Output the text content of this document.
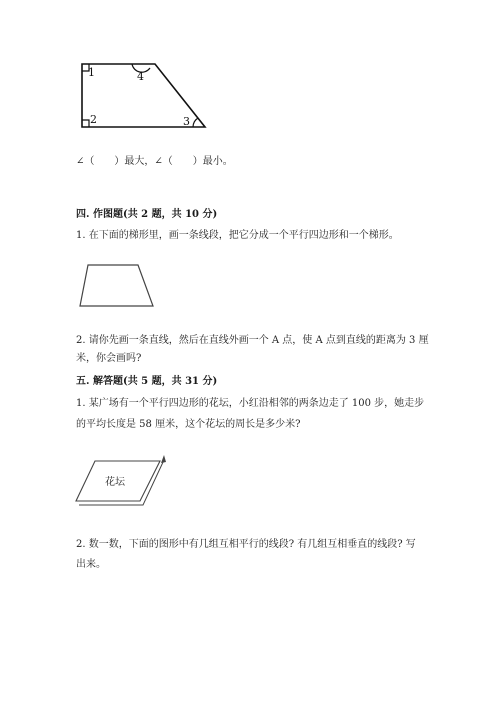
1
2	3
4
∠（　　）最大，∠（　　）最小。
四. 作图题(共 2 题，共 10 分)
1. 在下面的梯形里，画一条线段，把它分成一个平行四边形和一个梯形。
2. 请你先画一条直线，然后在直线外画一个 A 点，使 A 点到直线的距离为 3 厘
米，你会画吗?
五. 解答题(共 5 题，共 31 分)
1. 某广场有一个平行四边形的花坛，小红沿相邻的两条边走了 100 步，她走步
的平均长度是 58 厘米，这个花坛的周长是多少米?
花坛
2. 数一数，下面的图形中有几组互相平行的线段? 有几组互相垂直的线段? 写
出来。
